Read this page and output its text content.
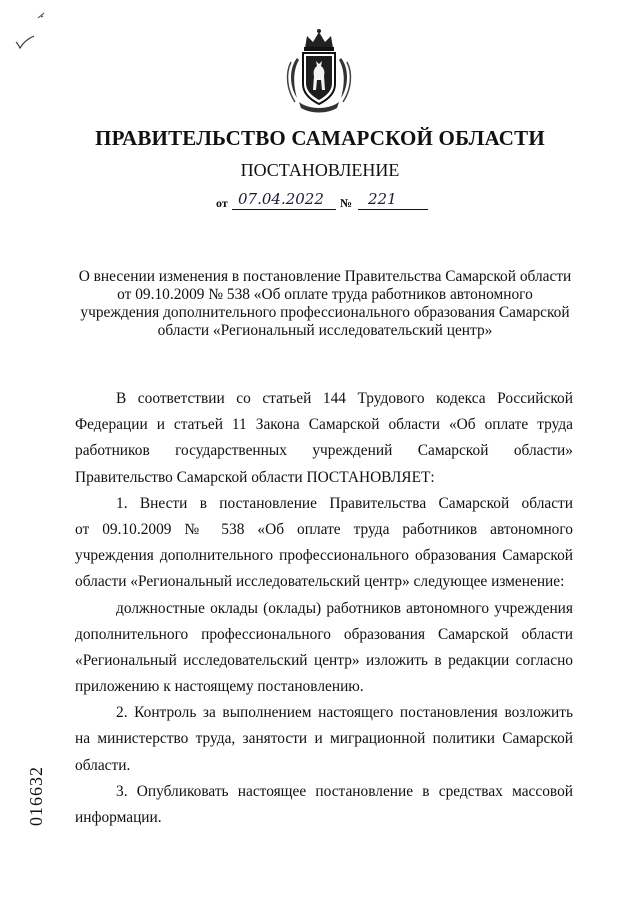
ПРАВИТЕЛЬСТВО САМАРСКОЙ ОБЛАСТИ
ПОСТАНОВЛЕНИЕ
от 07.04.2022 № 221
О внесении изменения в постановление Правительства Самарской области
от 09.10.2009 № 538 «Об оплате труда работников автономного
учреждения дополнительного профессионального образования Самарской
области «Региональный исследовательский центр»
В соответствии со статьей 144 Трудового кодекса Российской
Федерации и статьей 11 Закона Самарской области «Об оплате труда
работников государственных учреждений Самарской области»
Правительство Самарской области ПОСТАНОВЛЯЕТ:
1. Внести в постановление Правительства Самарской области
от 09.10.2009 № 538 «Об оплате труда работников автономного
учреждения дополнительного профессионального образования Самарской
области «Региональный исследовательский центр» следующее изменение:
должностные оклады (оклады) работников автономного учреждения
дополнительного профессионального образования Самарской области
«Региональный исследовательский центр» изложить в редакции согласно
приложению к настоящему постановлению.
2. Контроль за выполнением настоящего постановления возложить
на министерство труда, занятости и миграционной политики Самарской
области.
3. Опубликовать настоящее постановление в средствах массовой
информации.
016632
